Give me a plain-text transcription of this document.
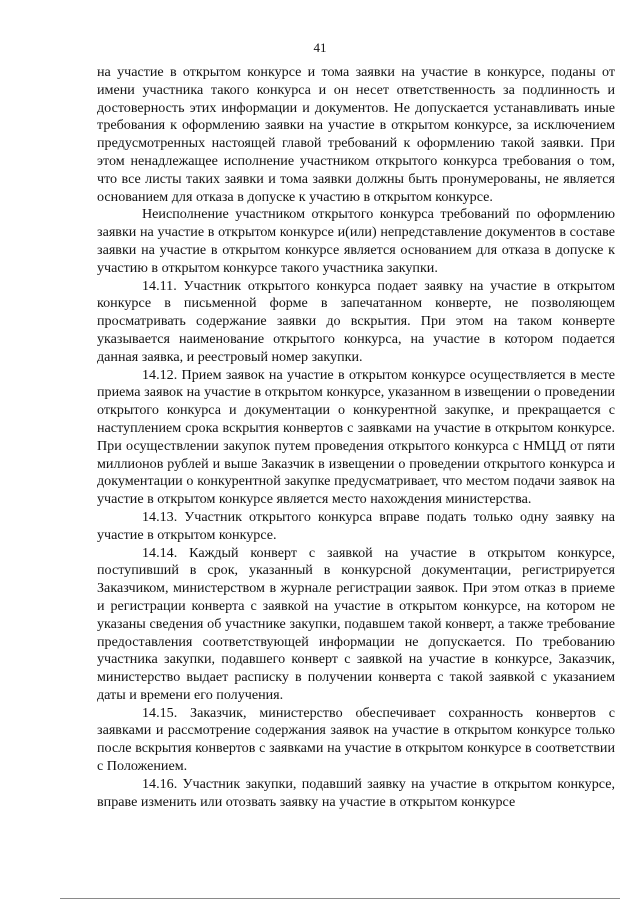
41

на участие в открытом конкурсе и тома заявки на участие в конкурсе, поданы от имени участника такого конкурса и он несет ответственность за подлинность и достоверность этих информации и документов. Не допускается устанавливать иные требования к оформлению заявки на участие в открытом конкурсе, за исключением предусмотренных настоящей главой требований к оформлению такой заявки. При этом ненадлежащее исполнение участником открытого конкурса требования о том, что все листы таких заявки и тома заявки должны быть пронумерованы, не является основанием для отказа в допуске к участию в открытом конкурсе.

Неисполнение участником открытого конкурса требований по оформлению заявки на участие в открытом конкурсе и(или) непредставление документов в составе заявки на участие в открытом конкурсе является основанием для отказа в допуске к участию в открытом конкурсе такого участника закупки.

14.11. Участник открытого конкурса подает заявку на участие в открытом конкурсе в письменной форме в запечатанном конверте, не позволяющем просматривать содержание заявки до вскрытия. При этом на таком конверте указывается наименование открытого конкурса, на участие в котором подается данная заявка, и реестровый номер закупки.

14.12. Прием заявок на участие в открытом конкурсе осуществляется в месте приема заявок на участие в открытом конкурсе, указанном в извещении о проведении открытого конкурса и документации о конкурентной закупке, и прекращается с наступлением срока вскрытия конвертов с заявками на участие в открытом конкурсе. При осуществлении закупок путем проведения открытого конкурса с НМЦД от пяти миллионов рублей и выше Заказчик в извещении о проведении открытого конкурса и документации о конкурентной закупке предусматривает, что местом подачи заявок на участие в открытом конкурсе является место нахождения министерства.

14.13. Участник открытого конкурса вправе подать только одну заявку на участие в открытом конкурсе.

14.14. Каждый конверт с заявкой на участие в открытом конкурсе, поступивший в срок, указанный в конкурсной документации, регистрируется Заказчиком, министерством в журнале регистрации заявок. При этом отказ в приеме и регистрации конверта с заявкой на участие в открытом конкурсе, на котором не указаны сведения об участнике закупки, подавшем такой конверт, а также требование предоставления соответствующей информации не допускается. По требованию участника закупки, подавшего конверт с заявкой на участие в конкурсе, Заказчик, министерство выдает расписку в получении конверта с такой заявкой с указанием даты и времени его получения.

14.15. Заказчик, министерство обеспечивает сохранность конвертов с заявками и рассмотрение содержания заявок на участие в открытом конкурсе только после вскрытия конвертов с заявками на участие в открытом конкурсе в соответствии с Положением.

14.16. Участник закупки, подавший заявку на участие в открытом конкурсе, вправе изменить или отозвать заявку на участие в открытом конкурсе
